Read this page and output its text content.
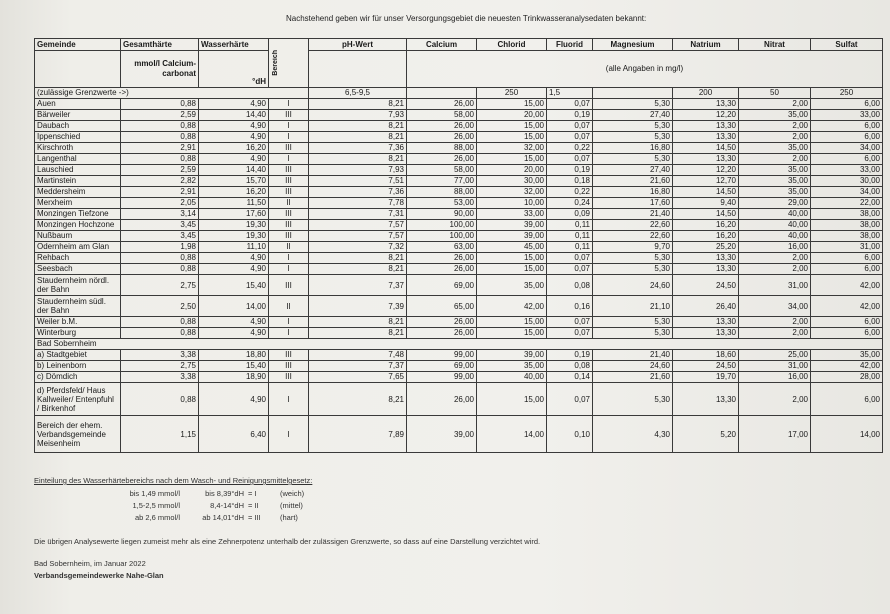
Nachstehend geben wir für unser Versorgungsgebiet die neuesten Trinkwasseranalysedaten bekannt:
Gemeinde	Gesamthärte	Wasserhärte	Bereich	pH-Wert	Calcium	Chlorid	Fluorid	Magnesium	Natrium	Nitrat	Sulfat
	mmol/l Calcium-carbonat	°dH			(alle Angaben in mg/l)						
(zulässige Grenzwerte ->)				6,5-9,5		250	1,5		200	50	250
Auen	0,88	4,90	I	8,21	26,00	15,00	0,07	5,30	13,30	2,00	6,00
Bärweiler	2,59	14,40	III	7,93	58,00	20,00	0,19	27,40	12,20	35,00	33,00
Daubach	0,88	4,90	I	8,21	26,00	15,00	0,07	5,30	13,30	2,00	6,00
Ippenschied	0,88	4,90	I	8,21	26,00	15,00	0,07	5,30	13,30	2,00	6,00
Kirschroth	2,91	16,20	III	7,36	88,00	32,00	0,22	16,80	14,50	35,00	34,00
Langenthal	0,88	4,90	I	8,21	26,00	15,00	0,07	5,30	13,30	2,00	6,00
Lauschied	2,59	14,40	III	7,93	58,00	20,00	0,19	27,40	12,20	35,00	33,00
Martinstein	2,82	15,70	III	7,51	77,00	30,00	0,18	21,60	12,70	35,00	30,00
Meddersheim	2,91	16,20	III	7,36	88,00	32,00	0,22	16,80	14,50	35,00	34,00
Merxheim	2,05	11,50	II	7,78	53,00	10,00	0,24	17,60	9,40	29,00	22,00
Monzingen Tiefzone	3,14	17,60	III	7,31	90,00	33,00	0,09	21,40	14,50	40,00	38,00
Monzingen Hochzone	3,45	19,30	III	7,57	100,00	39,00	0,11	22,60	16,20	40,00	38,00
Nußbaum	3,45	19,30	III	7,57	100,00	39,00	0,11	22,60	16,20	40,00	38,00
Odernheim am Glan	1,98	11,10	II	7,32	63,00	45,00	0,11	9,70	25,20	16,00	31,00
Rehbach	0,88	4,90	I	8,21	26,00	15,00	0,07	5,30	13,30	2,00	6,00
Seesbach	0,88	4,90	I	8,21	26,00	15,00	0,07	5,30	13,30	2,00	6,00
Staudernheim nördl. der Bahn	2,75	15,40	III	7,37	69,00	35,00	0,08	24,60	24,50	31,00	42,00
Staudernheim südl. der Bahn	2,50	14,00	II	7,39	65,00	42,00	0,16	21,10	26,40	34,00	42,00
Weiler b.M.	0,88	4,90	I	8,21	26,00	15,00	0,07	5,30	13,30	2,00	6,00
Winterburg	0,88	4,90	I	8,21	26,00	15,00	0,07	5,30	13,30	2,00	6,00
Bad Sobernheim											
a) Stadtgebiet	3,38	18,80	III	7,48	99,00	39,00	0,19	21,40	18,60	25,00	35,00
b) Leinenborn	2,75	15,40	III	7,37	69,00	35,00	0,08	24,60	24,50	31,00	42,00
c) Dömdich	3,38	18,90	III	7,65	99,00	40,00	0,14	21,60	19,70	16,00	28,00
d) Pferdsfeld/ Haus Kallweiler/ Entenpfuhl / Birkenhof	0,88	4,90	I	8,21	26,00	15,00	0,07	5,30	13,30	2,00	6,00
Bereich der ehem. Verbandsgemeinde Meisenheim	1,15	6,40	I	7,89	39,00	14,00	0,10	4,30	5,20	17,00	14,00
Einteilung des Wasserhärtebereichs nach dem Wasch- und Reinigungsmittelgesetz:
bis 1,49 mmol/l	bis 8,39°dH = I	(weich)
1,5-2,5 mmol/l	8,4-14°dH = II	(mittel)
ab 2,6 mmol/l	ab 14,01°dH = III	(hart)
Die übrigen Analysewerte liegen zumeist mehr als eine Zehnerpotenz unterhalb der zulässigen Grenzwerte, so dass auf eine Darstellung verzichtet wird.
Bad Sobernheim, im Januar 2022
Verbandsgemeindewerke Nahe-Glan
